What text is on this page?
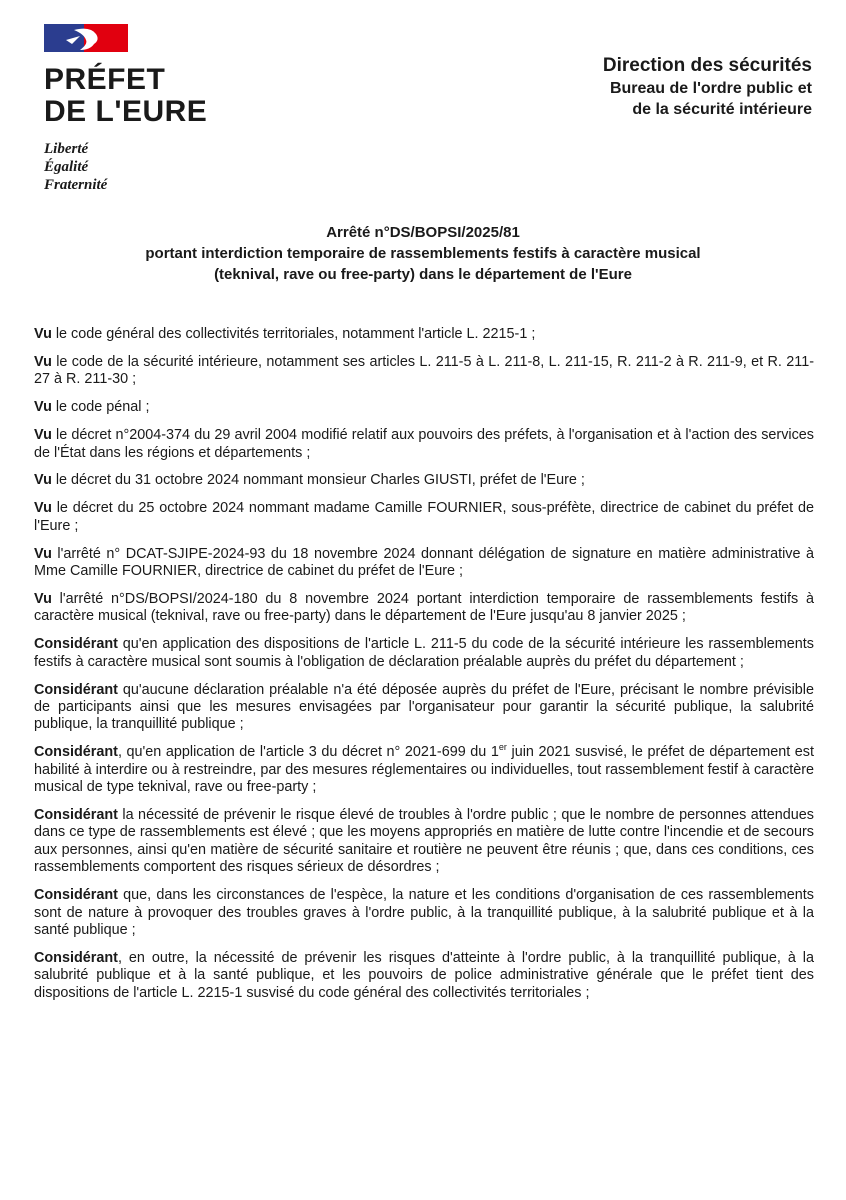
PRÉFET
DE L'EURE
Liberté
Égalité
Fraternité
Direction des sécurités
Bureau de l'ordre public et
de la sécurité intérieure
Arrêté n°DS/BOPSI/2025/81
portant interdiction temporaire de rassemblements festifs à caractère musical
(teknival, rave ou free-party) dans le département de l'Eure

Vu le code général des collectivités territoriales, notamment l'article L. 2215-1 ;

Vu le code de la sécurité intérieure, notamment ses articles L. 211-5 à L. 211-8, L. 211-15, R. 211-2 à R. 211-9, et R. 211-27 à R. 211-30 ;

Vu le code pénal ;

Vu le décret n°2004-374 du 29 avril 2004 modifié relatif aux pouvoirs des préfets, à l'organisation et à l'action des services de l'État dans les régions et départements ;

Vu le décret du 31 octobre 2024 nommant monsieur Charles GIUSTI, préfet de l'Eure ;

Vu le décret du 25 octobre 2024 nommant madame Camille FOURNIER, sous-préfète, directrice de cabinet du préfet de l'Eure ;

Vu l'arrêté n° DCAT-SJIPE-2024-93 du 18 novembre 2024 donnant délégation de signature en matière administrative à Mme Camille FOURNIER, directrice de cabinet du préfet de l'Eure ;

Vu l'arrêté n°DS/BOPSI/2024-180 du 8 novembre 2024 portant interdiction temporaire de rassemblements festifs à caractère musical (teknival, rave ou free-party) dans le département de l'Eure jusqu'au 8 janvier 2025 ;

Considérant qu'en application des dispositions de l'article L. 211-5 du code de la sécurité intérieure les rassemblements festifs à caractère musical sont soumis à l'obligation de déclaration préalable auprès du préfet du département ;

Considérant qu'aucune déclaration préalable n'a été déposée auprès du préfet de l'Eure, précisant le nombre prévisible de participants ainsi que les mesures envisagées par l'organisateur pour garantir la sécurité publique, la salubrité publique, la tranquillité publique ;

Considérant, qu'en application de l'article 3 du décret n° 2021-699 du 1er juin 2021 susvisé, le préfet de département est habilité à interdire ou à restreindre, par des mesures réglementaires ou individuelles, tout rassemblement festif à caractère musical de type teknival, rave ou free-party ;

Considérant la nécessité de prévenir le risque élevé de troubles à l'ordre public ; que le nombre de personnes attendues dans ce type de rassemblements est élevé ; que les moyens appropriés en matière de lutte contre l'incendie et de secours aux personnes, ainsi qu'en matière de sécurité sanitaire et routière ne peuvent être réunis ; que, dans ces conditions, ces rassemblements comportent des risques sérieux de désordres ;

Considérant que, dans les circonstances de l'espèce, la nature et les conditions d'organisation de ces rassemblements sont de nature à provoquer des troubles graves à l'ordre public, à la tranquillité publique, à la salubrité publique et à la santé publique ;

Considérant, en outre, la nécessité de prévenir les risques d'atteinte à l'ordre public, à la tranquillité publique, à la salubrité publique et à la santé publique, et les pouvoirs de police administrative générale que le préfet tient des dispositions de l'article L. 2215-1 susvisé du code général des collectivités territoriales ;
